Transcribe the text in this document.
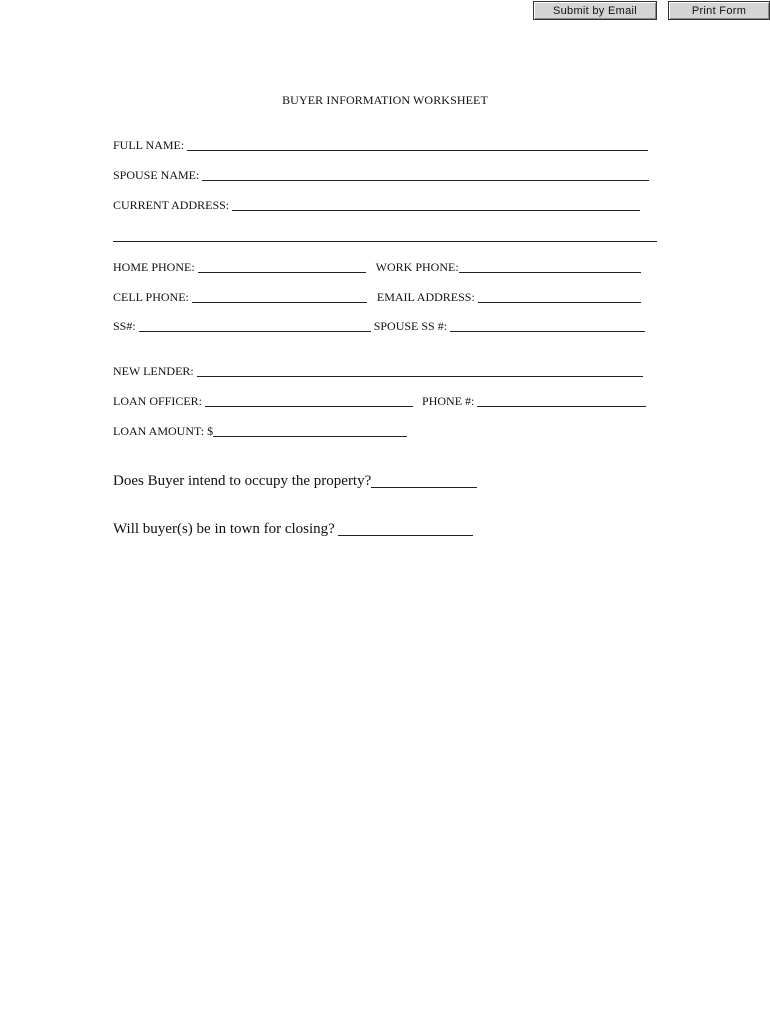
Submit by Email	Print Form
BUYER INFORMATION WORKSHEET
FULL NAME:
SPOUSE NAME:
CURRENT ADDRESS:
HOME PHONE:	WORK PHONE:
CELL PHONE:	EMAIL ADDRESS:
SS#:	SPOUSE SS #:
NEW LENDER:
LOAN OFFICER:	PHONE #:
LOAN AMOUNT: $
Does Buyer intend to occupy the property?
Will buyer(s) be in town for closing?
